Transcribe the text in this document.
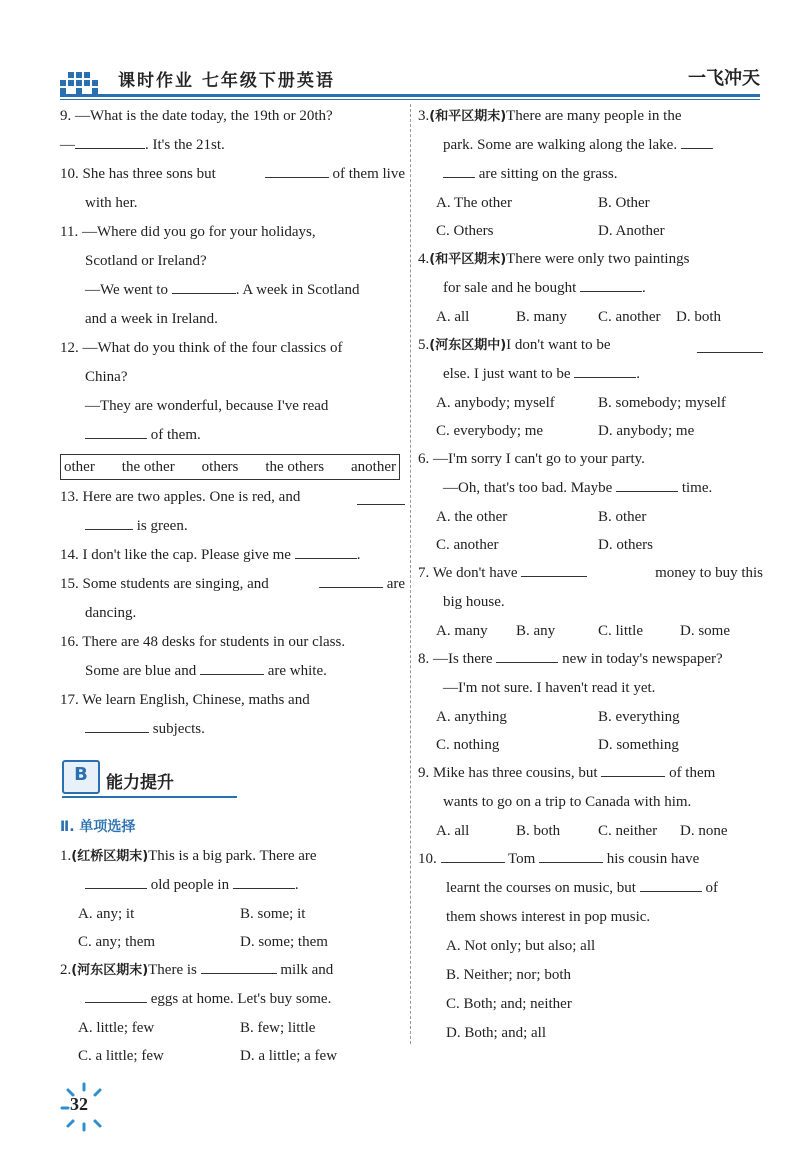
课时作业 七年级下册英语	一飞冲天
9. —What is the date today, the 19th or 20th?
—	. It's the 21st.
10. She has three sons but	of them live
with her.
11. —Where did you go for your holidays,
Scotland or Ireland?
—We went to	. A week in Scotland
and a week in Ireland.
12. —What do you think of the four classics of
China?
—They are wonderful, because I've read
of them.
other the other others the others another
13. Here are two apples. One is red, and
is green.
14. I don't like the cap. Please give me	.
15. Some students are singing, and	are
dancing.
16. There are 48 desks for students in our class.
Some are blue and	are white.
17. We learn English, Chinese, maths and
subjects.
B	能力提升
Ⅱ. 单项选择
1.(红桥区期末)This is a big park. There are
old people in	.
A. any; it	B. some; it
C. any; them	D. some; them
2.(河东区期末)There is	milk and
eggs at home. Let's buy some.
A. little; few	B. few; little
C. a little; few	D. a little; a few
3.(和平区期末)There are many people in the
park. Some are walking along the lake.
are sitting on the grass.
A. The other	B. Other
C. Others	D. Another
4.(和平区期末)There were only two paintings
for sale and he bought	.
A. all	B. many C. another D. both
5.(河东区期中)I don't want to be
else. I just want to be	.
A. anybody; myself	B. somebody; myself
C. everybody; me	D. anybody; me
6. —I'm sorry I can't go to your party.
—Oh, that's too bad. Maybe	time.
A. the other	B. other
C. another	D. others
7. We don't have	money to buy this
big house.
A. many B. any	C. little D. some
8. —Is there	new in today's newspaper?
—I'm not sure. I haven't read it yet.
A. anything	B. everything
C. nothing	D. something
9. Mike has three cousins, but	of them
wants to go on a trip to Canada with him.
A. all	B. both	C. neither D. none
10.	Tom	his cousin have
learnt the courses on music, but	of
them shows interest in pop music.
A. Not only; but also; all
B. Neither; nor; both
C. Both; and; neither
D. Both; and; all
32
